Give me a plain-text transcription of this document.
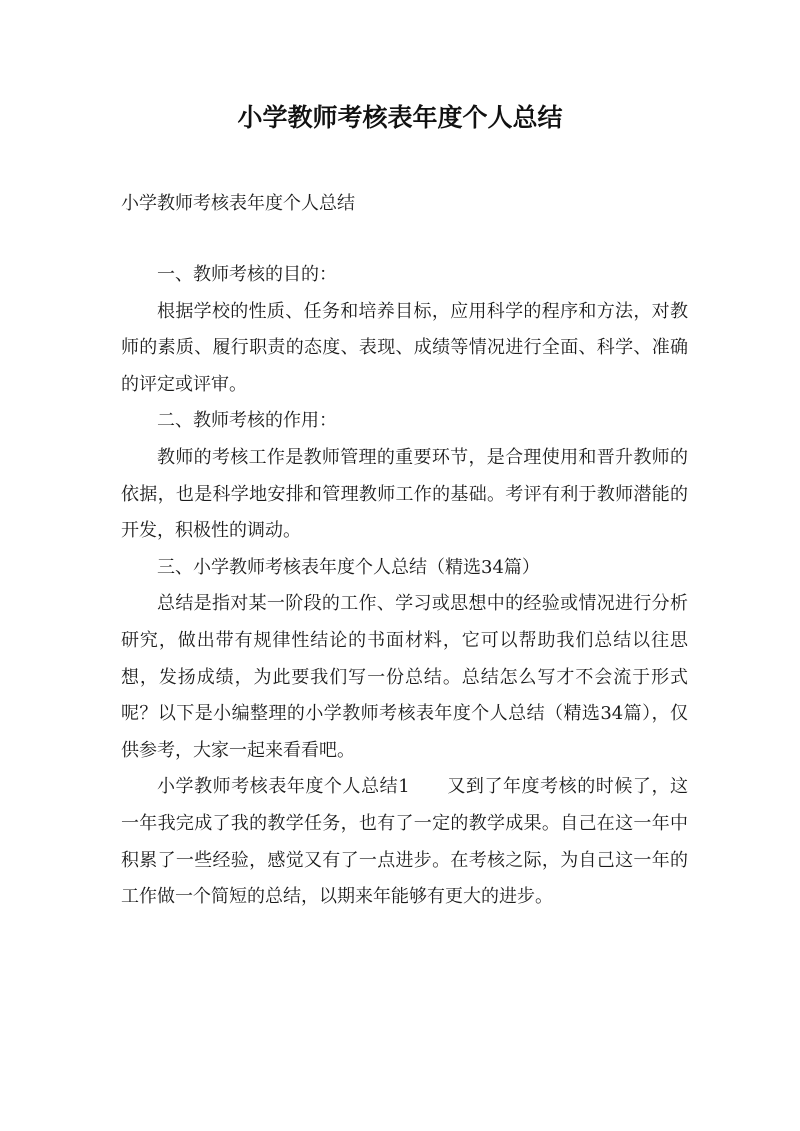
小学教师考核表年度个人总结

小学教师考核表年度个人总结

一、教师考核的目的：

根据学校的性质、任务和培养目标，应用科学的程序和方法，对教师的素质、履行职责的态度、表现、成绩等情况进行全面、科学、准确的评定或评审。

二、教师考核的作用：

教师的考核工作是教师管理的重要环节，是合理使用和晋升教师的依据，也是科学地安排和管理教师工作的基础。考评有利于教师潜能的开发，积极性的调动。

三、小学教师考核表年度个人总结（精选34篇）

总结是指对某一阶段的工作、学习或思想中的经验或情况进行分析研究，做出带有规律性结论的书面材料，它可以帮助我们总结以往思想，发扬成绩，为此要我们写一份总结。总结怎么写才不会流于形式呢？以下是小编整理的小学教师考核表年度个人总结（精选34篇），仅供参考，大家一起来看看吧。

小学教师考核表年度个人总结1　　又到了年度考核的时候了，这一年我完成了我的教学任务，也有了一定的教学成果。自己在这一年中积累了一些经验，感觉又有了一点进步。在考核之际，为自己这一年的工作做一个简短的总结，以期来年能够有更大的进步。
